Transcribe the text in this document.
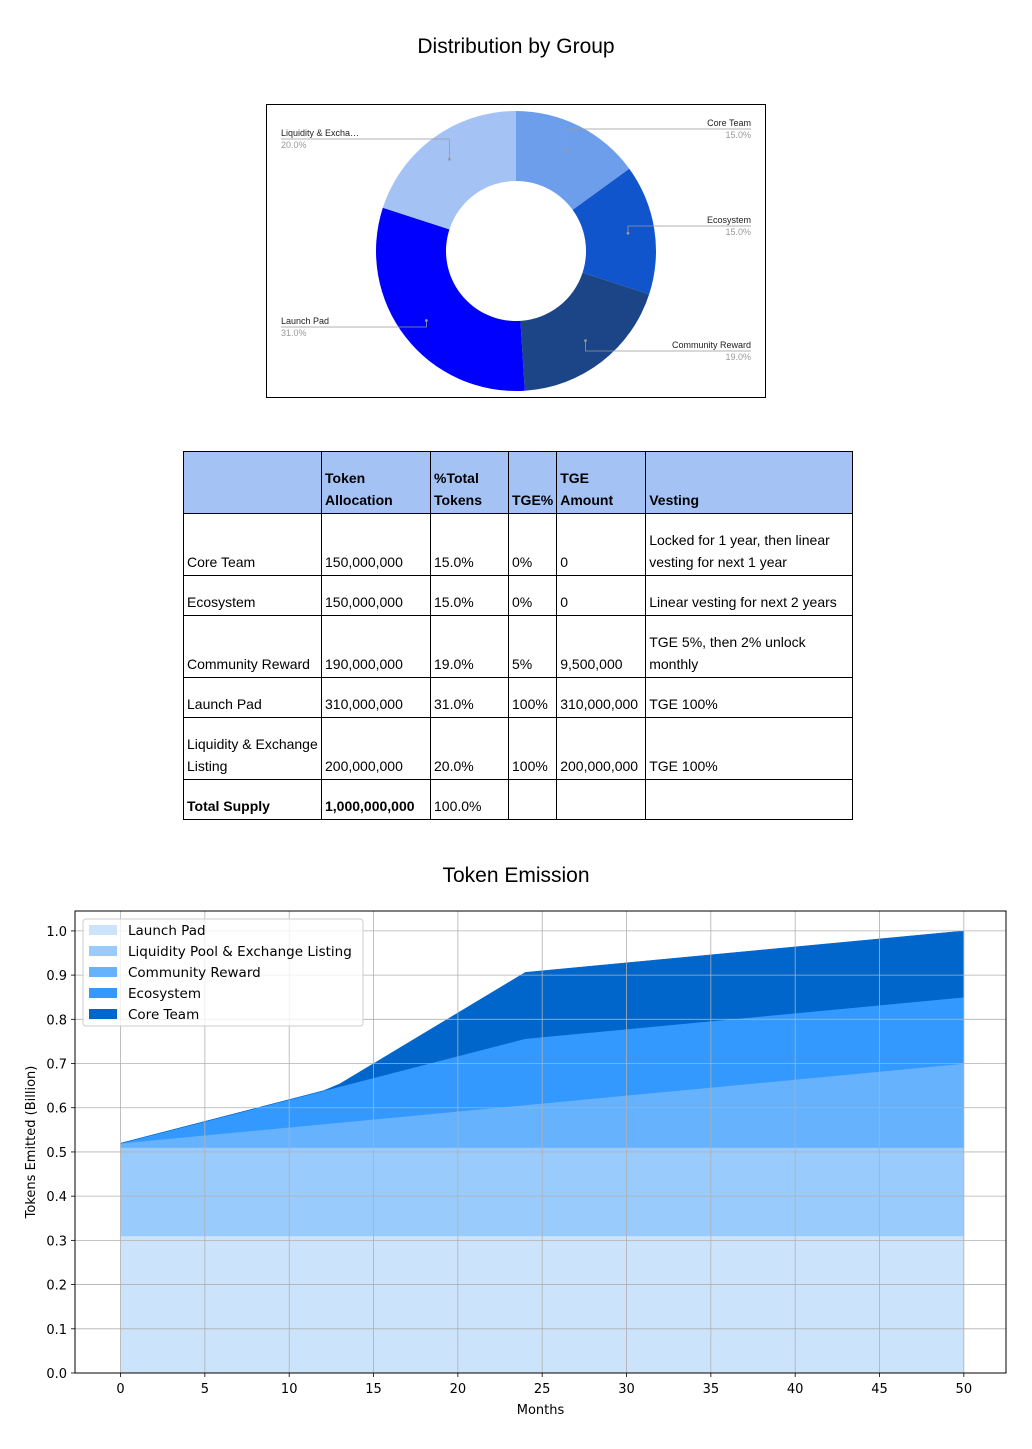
Distribution by Group
Core Team
15.0%
Ecosystem
15.0%
Community Reward
19.0%
Launch Pad
31.0%
Liquidity & Excha…
20.0%
	Token Allocation	%Total Tokens	TGE%	TGE Amount	Vesting
Core Team	150,000,000	15.0%	0%	0	Locked for 1 year, then linear vesting for next 1 year
Ecosystem	150,000,000	15.0%	0%	0	Linear vesting for next 2 years
Community Reward	190,000,000	19.0%	5%	9,500,000	TGE 5%, then 2% unlock monthly
Launch Pad	310,000,000	31.0%	100%	310,000,000	TGE 100%
Liquidity & Exchange Listing	200,000,000	20.0%	100%	200,000,000	TGE 100%
Total Supply	1,000,000,000	100.0%			
Token Emission
0	5	10	15	20	25	30	35	40	45	50
0.0
0.1
0.2
0.3
0.4
0.5
0.6
0.7
0.8
0.9
1.0
Months
Tokens Emitted (Billion)
Launch Pad
Liquidity Pool & Exchange Listing
Community Reward
Ecosystem
Core Team
